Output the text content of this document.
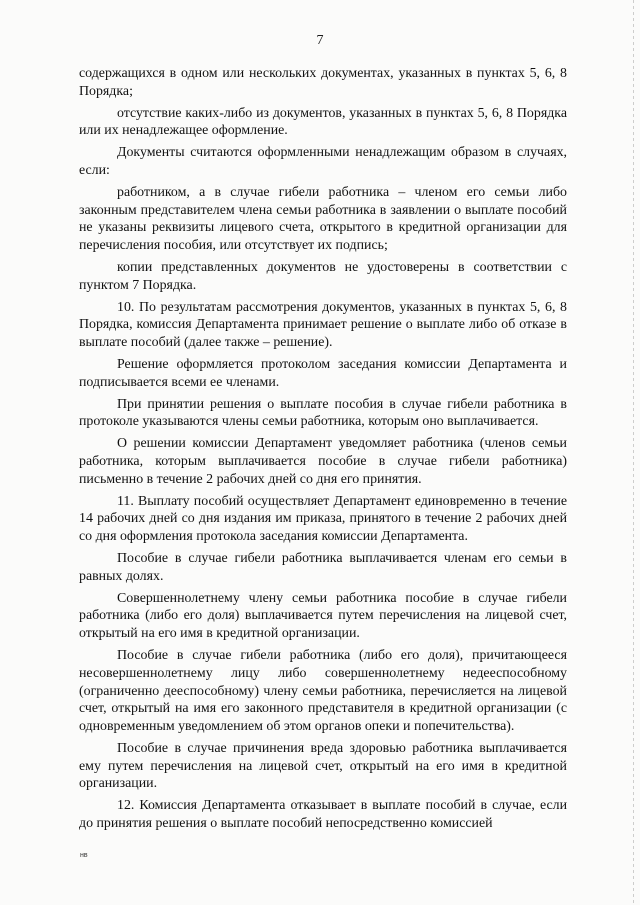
7

содержащихся в одном или нескольких документах, указанных в пунктах 5, 6, 8 Порядка;

отсутствие каких-либо из документов, указанных в пунктах 5, 6, 8 Порядка или их ненадлежащее оформление.

Документы считаются оформленными ненадлежащим образом в случаях, если:

работником, а в случае гибели работника – членом его семьи либо законным представителем члена семьи работника в заявлении о выплате пособий не указаны реквизиты лицевого счета, открытого в кредитной организации для перечисления пособия, или отсутствует их подпись;

копии представленных документов не удостоверены в соответствии с пунктом 7 Порядка.

10. По результатам рассмотрения документов, указанных в пунктах 5, 6, 8 Порядка, комиссия Департамента принимает решение о выплате либо об отказе в выплате пособий (далее также – решение).

Решение оформляется протоколом заседания комиссии Департамента и подписывается всеми ее членами.

При принятии решения о выплате пособия в случае гибели работника в протоколе указываются члены семьи работника, которым оно выплачивается.

О решении комиссии Департамент уведомляет работника (членов семьи работника, которым выплачивается пособие в случае гибели работника) письменно в течение 2 рабочих дней со дня его принятия.

11. Выплату пособий осуществляет Департамент единовременно в течение 14 рабочих дней со дня издания им приказа, принятого в течение 2 рабочих дней со дня оформления протокола заседания комиссии Департамента.

Пособие в случае гибели работника выплачивается членам его семьи в равных долях.

Совершеннолетнему члену семьи работника пособие в случае гибели работника (либо его доля) выплачивается путем перечисления на лицевой счет, открытый на его имя в кредитной организации.

Пособие в случае гибели работника (либо его доля), причитающееся несовершеннолетнему лицу либо совершеннолетнему недееспособному (ограниченно дееспособному) члену семьи работника, перечисляется на лицевой счет, открытый на имя его законного представителя в кредитной организации (с одновременным уведомлением об этом органов опеки и попечительства).

Пособие в случае причинения вреда здоровью работника выплачивается ему путем перечисления на лицевой счет, открытый на его имя в кредитной организации.

12. Комиссия Департамента отказывает в выплате пособий в случае, если до принятия решения о выплате пособий непосредственно комиссией

нв
